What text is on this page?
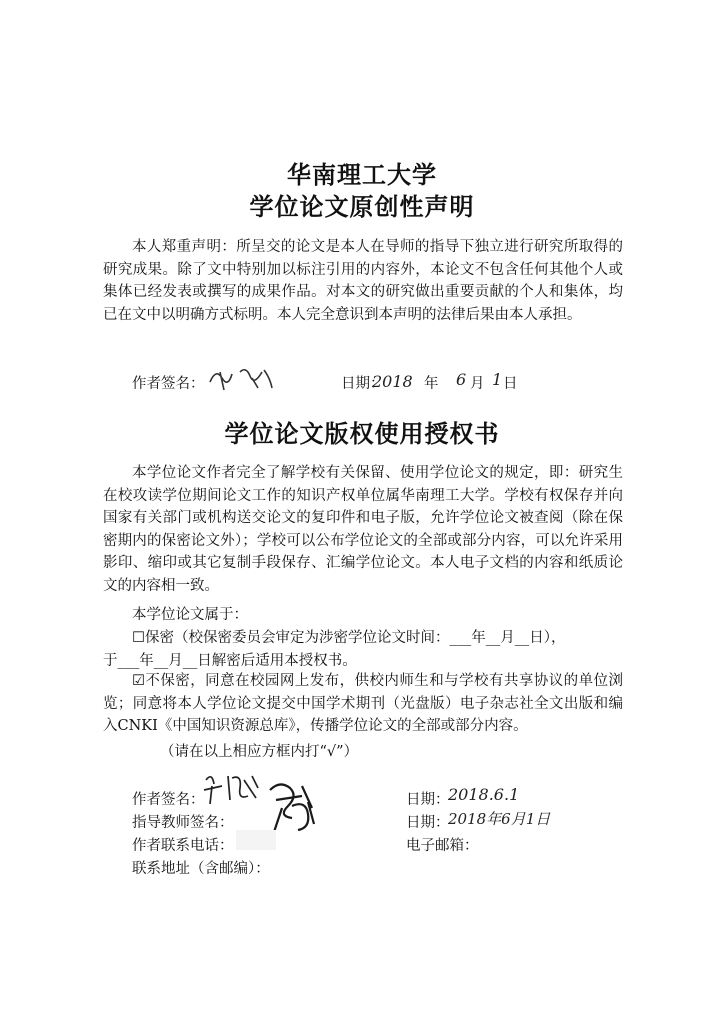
华南理工大学
学位论文原创性声明
本人郑重声明：所呈交的论文是本人在导师的指导下独立进行研究所取得的研究成果。除了文中特别加以标注引用的内容外，本论文不包含任何其他个人或集体已经发表或撰写的成果作品。对本文的研究做出重要贡献的个人和集体，均已在文中以明确方式标明。本人完全意识到本声明的法律后果由本人承担。
作者签名：	日期：
2018 年 6 月 1 日
学位论文版权使用授权书
本学位论文作者完全了解学校有关保留、使用学位论文的规定，即：研究生在校攻读学位期间论文工作的知识产权单位属华南理工大学。学校有权保存并向国家有关部门或机构送交论文的复印件和电子版，允许学位论文被查阅（除在保密期内的保密论文外）；学校可以公布学位论文的全部或部分内容，可以允许采用影印、缩印或其它复制手段保存、汇编学位论文。本人电子文档的内容和纸质论文的内容相一致。
本学位论文属于：
☐保密（校保密委员会审定为涉密学位论文时间：___年__月__日），
于___年__月__日解密后适用本授权书。
☑不保密，同意在校园网上发布，供校内师生和与学校有共享协议的单位浏览；同意将本人学位论文提交中国学术期刊（光盘版）电子杂志社全文出版和编入CNKI《中国知识资源总库》，传播学位论文的全部或部分内容。
（请在以上相应方框内打“√”）
作者签名：
指导教师签名：
作者联系电话：
联系地址（含邮编）：
日期：
2018.6.1
日期：
2018年6月1日
电子邮箱：
